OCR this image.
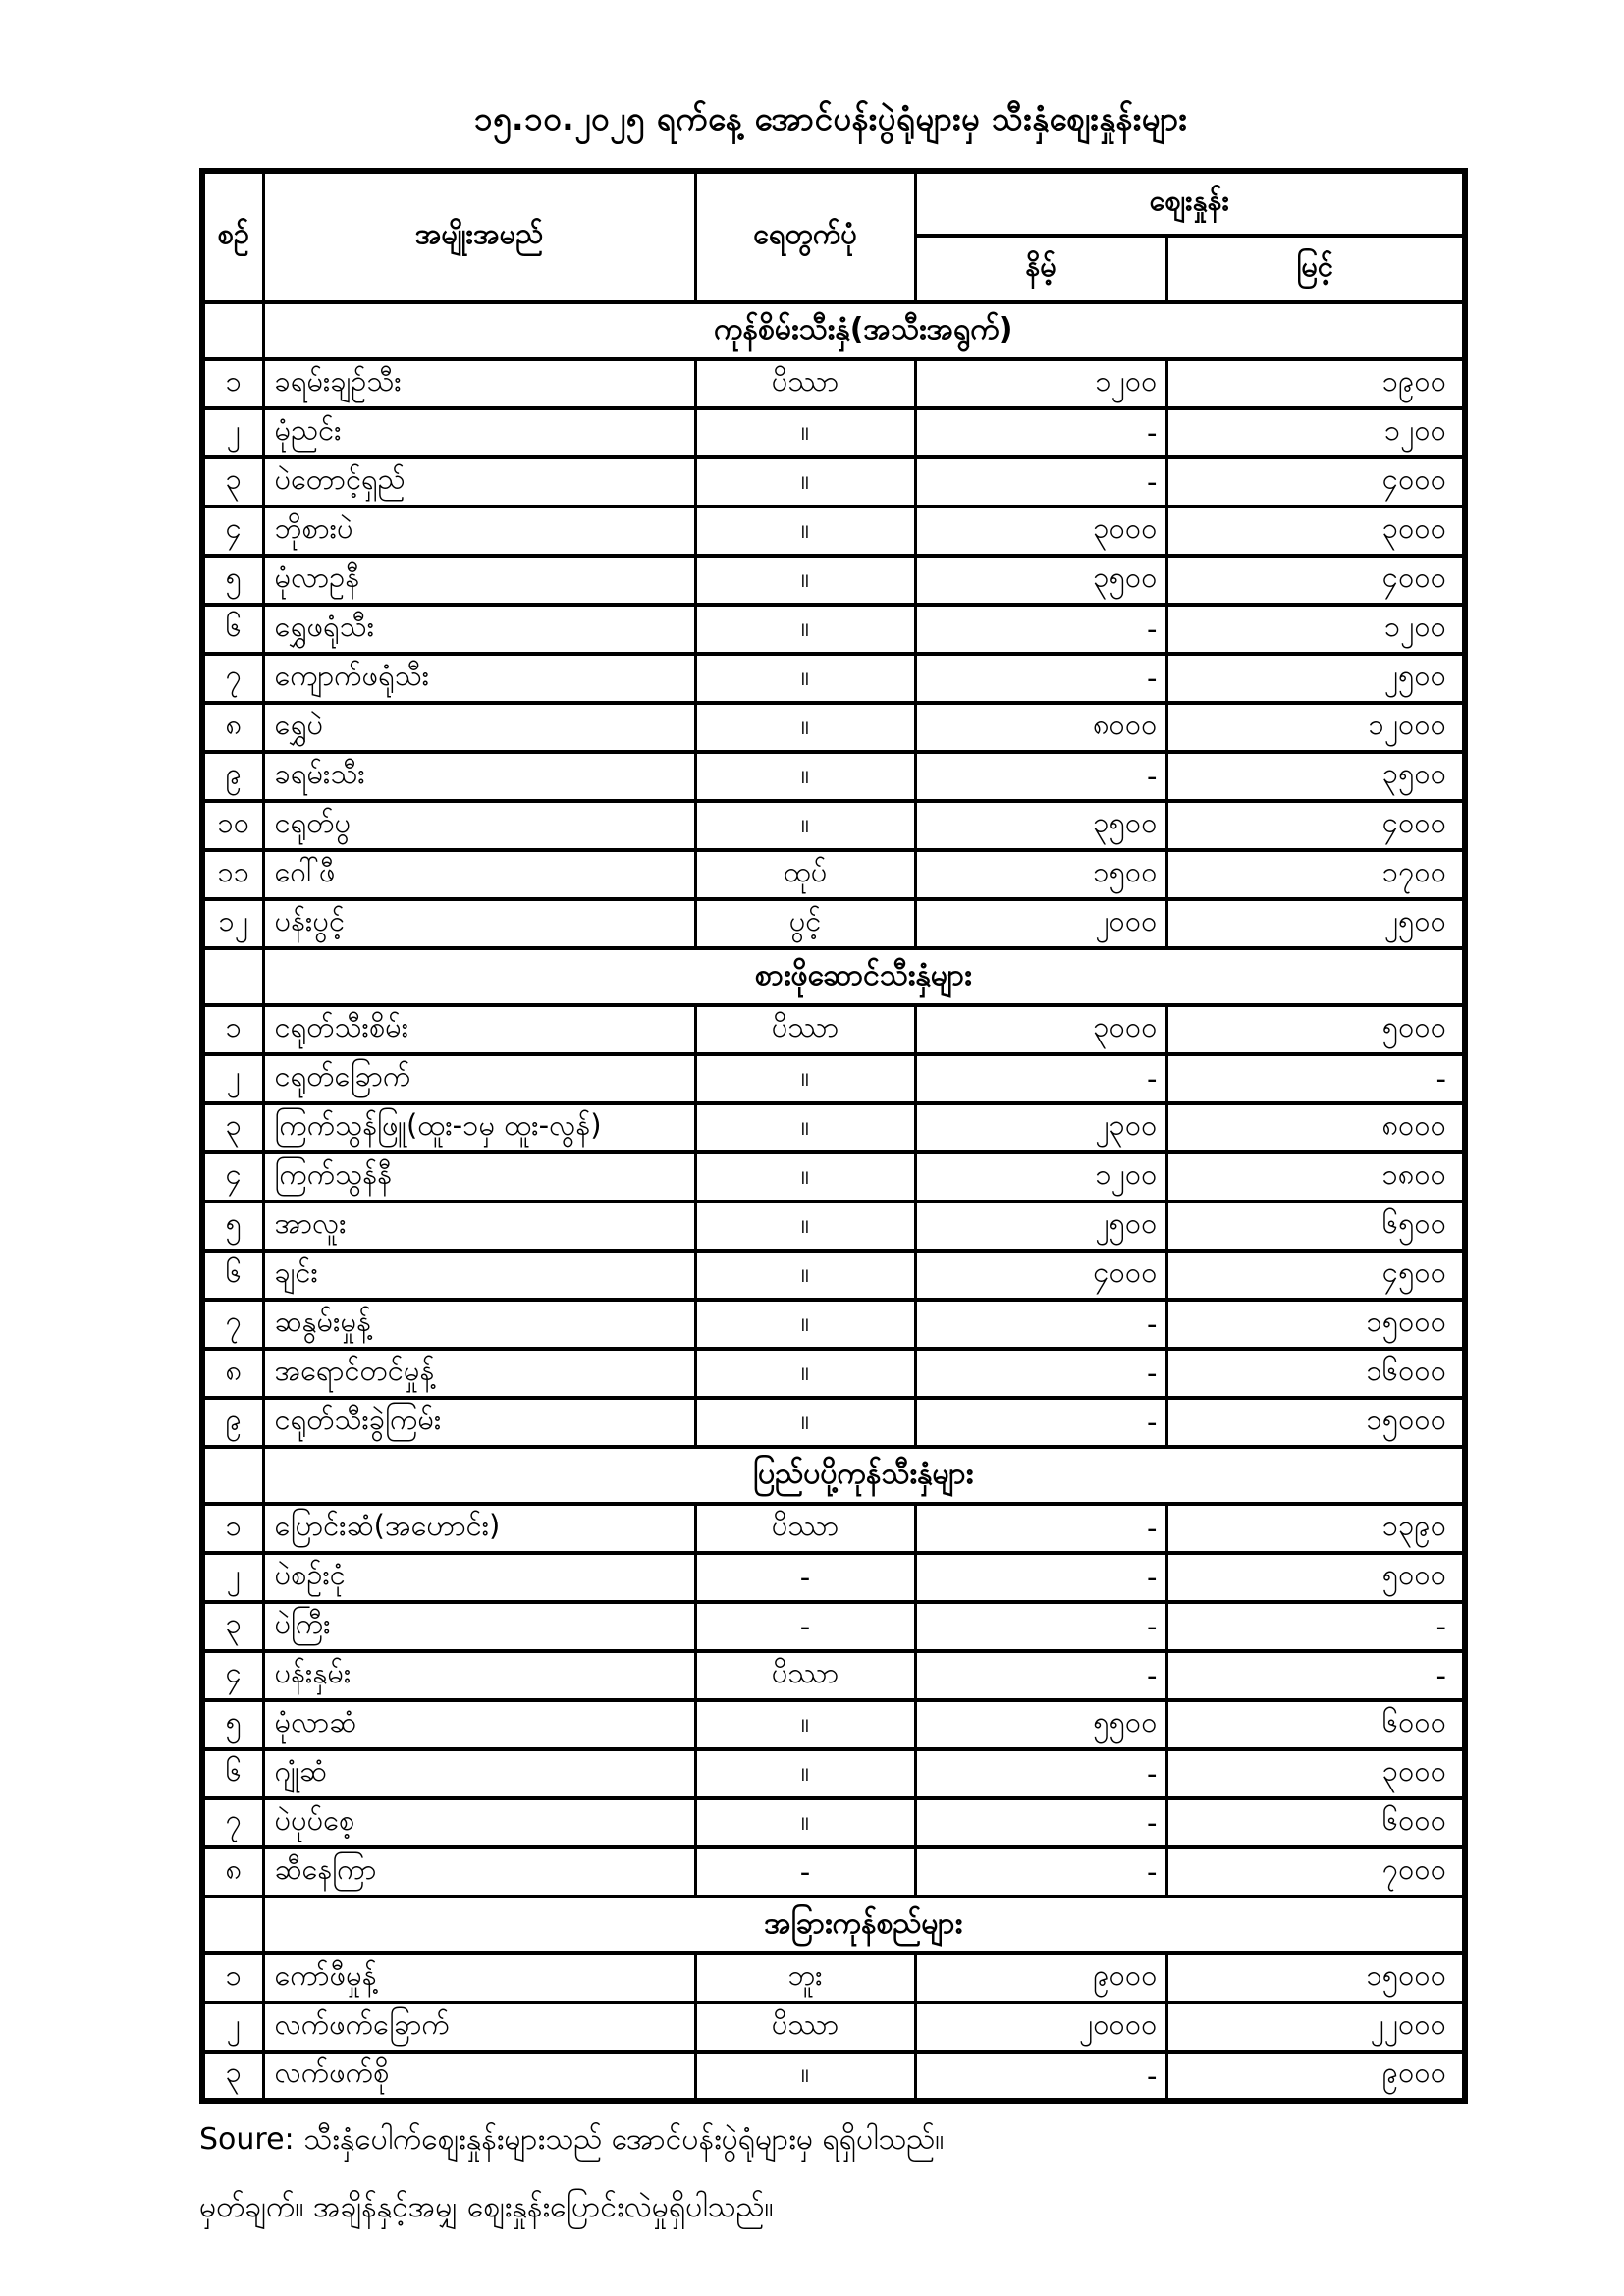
၁၅.၁၀.၂၀၂၅ ရက်နေ့ အောင်ပန်းပွဲရုံများမှ သီးနှံစျေးနှုန်းများ
စဉ်	အမျိုးအမည်	ရေတွက်ပုံ	စျေးနှုန်း	
			နိမ့်	မြင့်
	ကုန်စိမ်းသီးနှံ(အသီးအရွက်)			
၁	ခရမ်းချဉ်သီး	ပိဿာ	၁၂၀၀	၁၉၀၀
၂	မုံညင်း	။	-	၁၂၀၀
၃	ပဲတောင့်ရှည်	။	-	၄၀၀၀
၄	ဘိုစားပဲ	။	၃၀၀၀	၃၀၀၀
၅	မုံလာဥနီ	။	၃၅၀၀	၄၀၀၀
၆	ရွှေဖရုံသီး	။	-	၁၂၀၀
၇	ကျောက်ဖရုံသီး	။	-	၂၅၀၀
၈	ရွှေပဲ	။	၈၀၀၀	၁၂၀၀၀
၉	ခရမ်းသီး	။	-	၃၅၀၀
၁၀	ငရုတ်ပွ	။	၃၅၀၀	၄၀၀၀
၁၁	ဂေါ်ဖီ	ထုပ်	၁၅၀၀	၁၇၀၀
၁၂	ပန်းပွင့်	ပွင့်	၂၀၀၀	၂၅၀၀
	စားဖိုဆောင်သီးနှံများ			
၁	ငရုတ်သီးစိမ်း	ပိဿာ	၃၀၀၀	၅၀၀၀
၂	ငရုတ်ခြောက်	။	-	-
၃	ကြက်သွန်ဖြူ(ထူး-၁မှ ထူး-လွန်)	။	၂၃၀၀	၈၀၀၀
၄	ကြက်သွန်နီ	။	၁၂၀၀	၁၈၀၀
၅	အာလူး	။	၂၅၀၀	၆၅၀၀
၆	ချင်း	။	၄၀၀၀	၄၅၀၀
၇	ဆနွမ်းမှုန့်	။	-	၁၅၀၀၀
၈	အရောင်တင်မှုန့်	။	-	၁၆၀၀၀
၉	ငရုတ်သီးခွဲကြမ်း	။	-	၁၅၀၀၀
	ပြည်ပပို့ကုန်သီးနှံများ			
၁	ပြောင်းဆံ(အဟောင်း)	ပိဿာ	-	၁၃၉၀
၂	ပဲစဉ်းငုံ	-	-	၅၀၀၀
၃	ပဲကြီး	-	-	-
၄	ပန်းနှမ်း	ပိဿာ	-	-
၅	မုံလာဆံ	။	၅၅၀၀	၆၀၀၀
၆	ဂျုံဆံ	။	-	၃၀၀၀
၇	ပဲပုပ်စေ့	။	-	၆၀၀၀
၈	ဆီနေကြာ	-	-	၇၀၀၀
	အခြားကုန်စည်များ			
၁	ကော်ဖီမှုန့်	ဘူး	၉၀၀၀	၁၅၀၀၀
၂	လက်ဖက်ခြောက်	ပိဿာ	၂၀၀၀၀	၂၂၀၀၀
၃	လက်ဖက်စို	။	-	၉၀၀၀
Soure: သီးနှံပေါက်စျေးနှုန်းများသည် အောင်ပန်းပွဲရုံများမှ ရရှိပါသည်။
မှတ်ချက်။ အချိန်နှင့်အမျှ စျေးနှုန်းပြောင်းလဲမှုရှိပါသည်။
